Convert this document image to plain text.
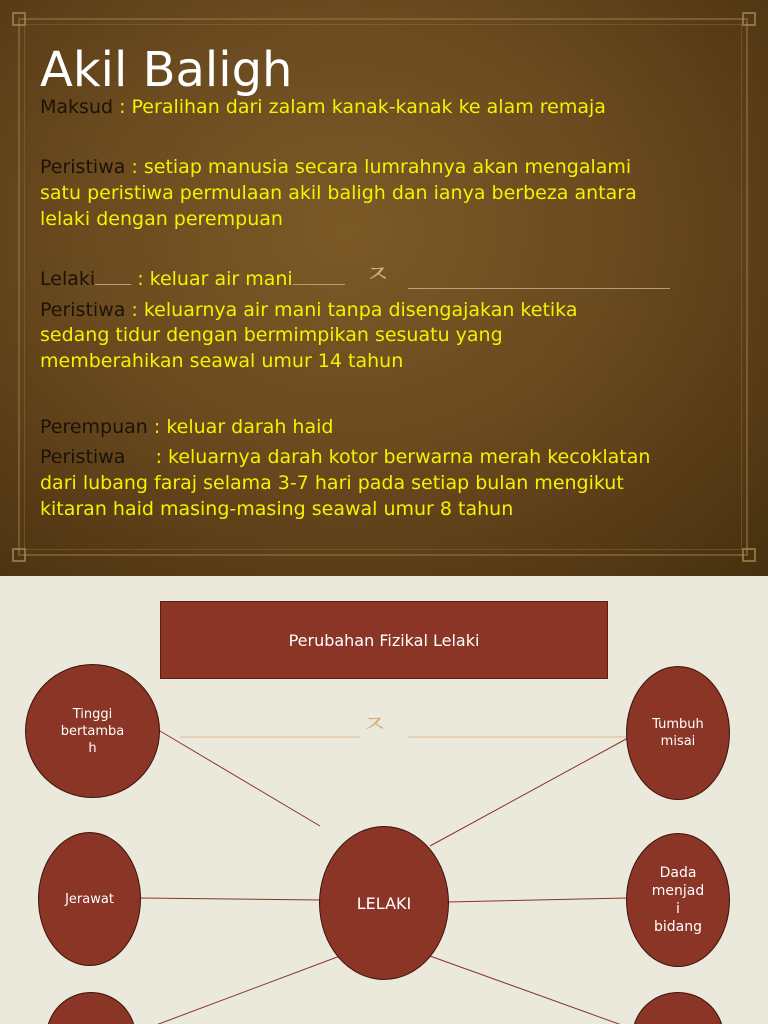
Akil Baligh

Maksud : Peralihan dari zalam kanak-kanak ke alam remaja

Peristiwa : setiap manusia secara lumrahnya akan mengalami

satu peristiwa permulaan akil baligh dan ianya berbeza antara

lelaki dengan perempuan

Lelaki : keluar air mani	ㅈ

Peristiwa : keluarnya air mani tanpa disengajakan ketika

sedang tidur dengan bermimpikan sesuatu yang

memberahikan seawal umur 14 tahun

Perempuan : keluar darah haid

Peristiwa     : keluarnya darah kotor berwarna merah kecoklatan

dari lubang faraj selama 3-7 hari pada setiap bulan mengikut

kitaran haid masing-masing seawal umur 8 tahun

Perubahan Fizikal Lelaki
ㅈ
Tinggi
bertamba
h
Tumbuh
misai
Jerawat	LELAKI
Dada
menjad
i
bidang
